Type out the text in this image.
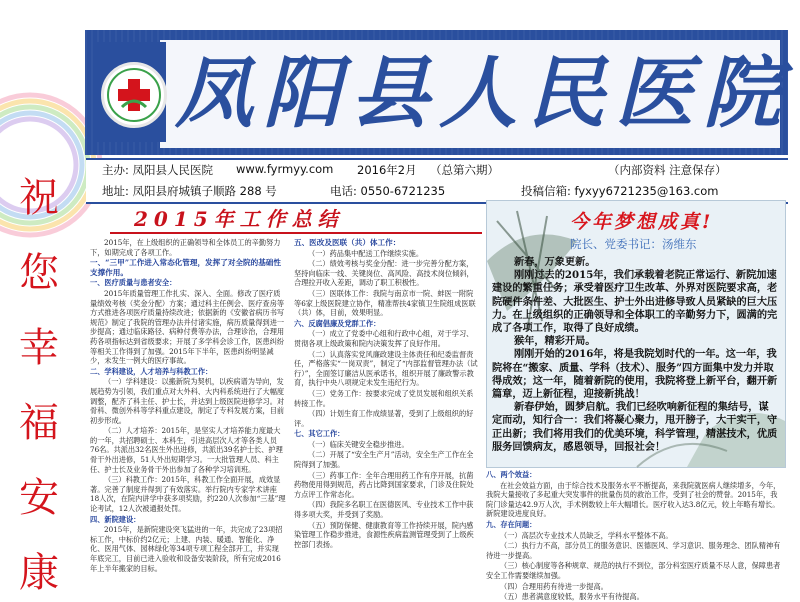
祝
您
幸
福
安
康
凤阳县人民医院
主办: 凤阳县人民医院 www.fyrmyy.com 2016年2月 （总第六期）	（内部资料 注意保存）
地址: 凤阳县府城镇子顺路 288 号	电话: 0550-6721235	投稿信箱: fyxyy6721235@163.com
2015年工作总结

2015年，在上级组织的正确领导和全体员工的辛勤努力下，如期完成了各项工作。

一、“三甲”工作进入常态化管理，发挥了对全院的基础性支撑作用。

一、医疗质量与患者安全：

2015年质量管理工作扎实、深入、全面。修改了医疗质量绩效考核（奖金分配）方案；通过科主任例会、医疗查房等方式推进各项医疗质量持续改进；依据新的《安徽省病历书写规范》制定了我院的管理办法并付诸实施，病历质量得到进一步提高；通过临床路径、病种付费等办法，合理诊治，合理用药各项指标达到省级要求；开展了多学科会诊工作，医患纠纷等相关工作得到了加强。2015年下半年，医患纠纷明显减少，未发生一例大的医疗事故。

二、学科建设，人才培养与科教工作：

（一）学科建设：以搬新院为契机，以疾病谱为导向，发展趋势为引领，我们重点对大外科、大内科系统进行了大幅度调整，配齐了科主任、护士长，并达到上级医院进修学习。对骨科、微创外科等学科重点建设，制定了专科发展方案，目前初步形成。

（二）人才培养：2015年，是坚实人才培养能力度最大的一年，共招聘硕士、本科生，引进高层次人才等各类人员76名。共派出32名医生外出进修，共派出39名护士长、护理骨干外出进修，51人外出短期学习。一大批管理人员、科主任、护士长及业务骨干外出参加了各种学习培训班。

（三）科教工作：2015年，科教工作全面开展，成效显著。完善了制度并得到了有效落实。举行院内专家学术讲座18人次，在院内讲学中获多项奖励，约220人次参加“三基”理论考试，12人次被通报处罚。

四、新院建设：

2015年，是新院建设突飞猛进的一年，共完成了23项招标工作，中标价约2亿元；上建、内装、暖通、智能化、净化、医用气体、园林绿化等34项专项工程全部开工，并实现年底完工，目前已进入验收和设备安装阶段，所有完成2016年上半年搬家的目标。

五、医改及医联（共）体工作：

（一）药品集中配送工作继续实施。

（二）绩效考核与奖金分配：进一步完善分配方案，坚持向临床一线、关键岗位、高风险、高技术岗位倾斜，合理拉开收入差距，调动了职工积极性。

（三）医联体工作：我院与南京市一院、蚌医一附院等6家上级医院建立协作，精准帮扶4家镇卫生院组成医联（共）体，目前，效果明显。

六、反腐倡廉及党群工作：

（一）成立了党委中心组和行政中心组，对于学习、贯彻各项上级政策和院内决策发挥了良好作用。

（二）认真落实党风廉政建设主体责任和纪委监督责任，严格落实“一岗双责”，制定了“内部监督管理办法（试行）”，全面签订廉洁从医承诺书，组织开展了廉政警示教育，执行中央八项规定未发生违纪行为。

（三）党务工作：按要求完成了党员发展和组织关系转接工作。

（四）计划生育工作成绩显著，受到了上级组织的好评。

七、其它工作：

（一）临床关键安全稳步推进。

（二）开展了“安全生产月”活动，安全生产工作在全院得到了加强。

（三）药事工作：全年合理用药工作有序开展，抗菌药物使用得到规范，药占比降到国家要求，门诊及住院处方点评工作常态化。

（四）我院多名职工在医德医风、专业技术工作中获得多项大奖，并受到了奖励。

（五）预防保健、健康教育等工作持续开展，院内感染管理工作稳步推进，食源性疾病监测管理受到了上级疾控部门表扬。

今年梦想成真!
院长、党委书记：汤维东

新春，万象更新。

刚刚过去的2015年，我们承载着老院正常运行、新院加速建设的繁重任务；承受着医疗卫生改革、外界对医院要求高，老院硬件条件差、大批医生、护士外出进修导致人员紧缺的巨大压力。在上级组织的正确领导和全体职工的辛勤努力下，圆满的完成了各项工作，取得了良好成绩。

猴年，精彩开局。

刚刚开始的2016年，将是我院划时代的一年。这一年，我院将在“搬家、质量、学科（技术）、服务”四方面集中发力并取得成效；这一年，随着新院的使用，我院将登上新平台，翻开新篇章，迈上新征程，迎接新挑战！

新春伊始，圆梦启航。我们已经吹响新征程的集结号，谋定而动，知行合一：我们将凝心聚力，甩开膀子，大干实干，守正出新；我们将用我们的优美环境，科学管理，精湛技术，优质服务回馈病友，感恩领导，回报社会！

八、两个效益：

在社会效益方面，由于综合技术及服务水平不断提高，来我院就医病人继续增多，今年，我院大量接收了多起重大突发事件的批量伤员的救治工作，受到了社会的赞誉。2015年，我院门诊量达42.9万人次，手术例数较上年大幅增长。医疗收入达3.8亿元，较上年略有增长。新院建设进度良好。

九、存在问题：

（一）高层次专业技术人员缺乏，学科水平整体不高。

（二）执行力不高，部分员工的服务意识、医德医风、学习意识、服务理念、团队精神有待进一步提高。

（三）核心制度等各种规章、规范的执行不到位，部分科室医疗质量不尽人意，保障患者安全工作需要继续加强。

（四）合理用药有待进一步提高。

（五）患者满意度较低，服务水平有待提高。
